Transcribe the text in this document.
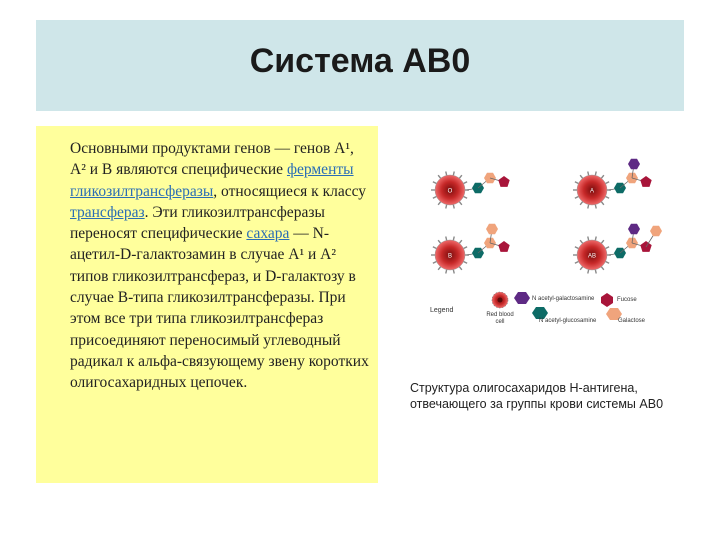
Система АВ0
Основными продуктами генов — генов А¹, А² и В являются специфические ферменты гликозилтрансферазы, относящиеся к классу трансфераз. Эти гликозилтрансферазы переносят специфические сахара — N-ацетил-D-галактозамин в случае А¹ и А² типов гликозилтрансфераз, и D-галактозу в случае В-типа гликозилтрансферазы. При этом все три типа гликозилтрансфераз присоединяют переносимый углеводный радикал к альфа-связующему звену коротких олигосахаридных цепочек.
O	A
B	AB
Legend
Red blood cell
N acetyl-galactosamine	Fucose
N acetyl-glucosamine	Galactose
Структура олигосахаридов Н-антигена, отвечающего за группы крови системы АВ0
